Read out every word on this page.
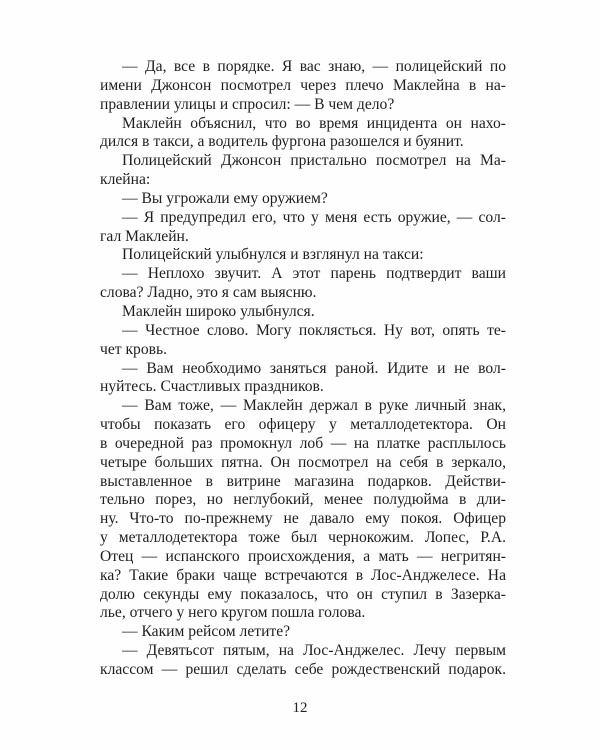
— Да, все в порядке. Я вас знаю, — полицейский по
имени Джонсон посмотрел через плечо Маклейна в на-
правлении улицы и спросил: — В чем дело?
Маклейн объяснил, что во время инцидента он нахо-
дился в такси, а водитель фургона разошелся и буянит.
Полицейский Джонсон пристально посмотрел на Ма-
клейна:
— Вы угрожали ему оружием?
— Я предупредил его, что у меня есть оружие, — сол-
гал Маклейн.
Полицейский улыбнулся и взглянул на такси:
— Неплохо звучит. А этот парень подтвердит ваши
слова? Ладно, это я сам выясню.
Маклейн широко улыбнулся.
— Честное слово. Могу поклясться. Ну вот, опять те-
чет кровь.
— Вам необходимо заняться раной. Идите и не вол-
нуйтесь. Счастливых праздников.
— Вам тоже, — Маклейн держал в руке личный знак,
чтобы показать его офицеру у металлодетектора. Он
в очередной раз промокнул лоб — на платке расплылось
четыре больших пятна. Он посмотрел на себя в зеркало,
выставленное в витрине магазина подарков. Действи-
тельно порез, но неглубокий, менее полудюйма в дли-
ну. Что-то по-прежнему не давало ему покоя. Офицер
у металлодетектора тоже был чернокожим. Лопес, Р.А.
Отец — испанского происхождения, а мать — негритян-
ка? Такие браки чаще встречаются в Лос-Анджелесе. На
долю секунды ему показалось, что он ступил в Зазерка-
лье, отчего у него кругом пошла голова.
— Каким рейсом летите?
— Девятьсот пятым, на Лос-Анджелес. Лечу первым
классом — решил сделать себе рождественский подарок.
12
